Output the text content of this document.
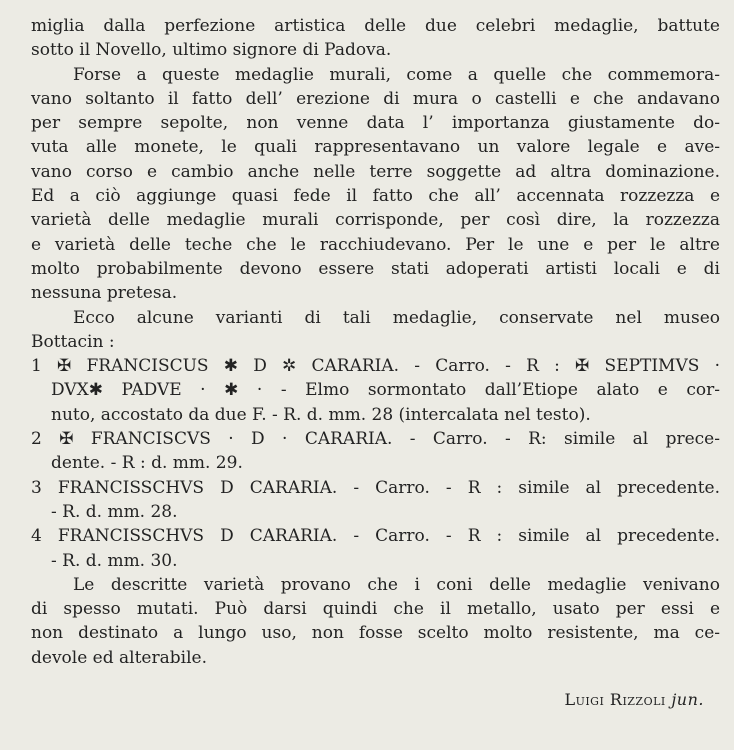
miglia dalla perfezione artistica delle due celebri medaglie, battute
sotto il Novello, ultimo signore di Padova.

Forse a queste medaglie murali, come a quelle che commemora-
vano soltanto il fatto dell’ erezione di mura o castelli e che andavano
per sempre sepolte, non venne data l’ importanza giustamente do-
vuta alle monete, le quali rappresentavano un valore legale e ave-
vano corso e cambio anche nelle terre soggette ad altra dominazione.
Ed a ciò aggiunge quasi fede il fatto che all’ accennata rozzezza e
varietà delle medaglie murali corrisponde, per così dire, la rozzezza
e varietà delle teche che le racchiudevano. Per le une e per le altre
molto probabilmente devono essere stati adoperati artisti locali e di
nessuna pretesa.

Ecco alcune varianti di tali medaglie, conservate nel museo
Bottacin :

1 ✠ FRANCISCUS ✱ D ✲ CARARIA. - Carro. - R : ✠ SEPTIMVS ·
DVX✱ PADVE · ✱ · - Elmo sormontato dall’Etiope alato e cor-
nuto, accostato da due F. - R. d. mm. 28 (intercalata nel testo).
2 ✠ FRANCISCVS · D · CARARIA. - Carro. - R: simile al prece-
dente. - R : d. mm. 29.
3 FRANCISSCHVS D CARARIA. - Carro. - R : simile al precedente.
- R. d. mm. 28.
4 FRANCISSCHVS D CARARIA. - Carro. - R : simile al precedente.
- R. d. mm. 30.

Le descritte varietà provano che i coni delle medaglie venivano
di spesso mutati. Può darsi quindi che il metallo, usato per essi e
non destinato a lungo uso, non fosse scelto molto resistente, ma ce-
devole ed alterabile.

Luigi Rizzoli jun.
